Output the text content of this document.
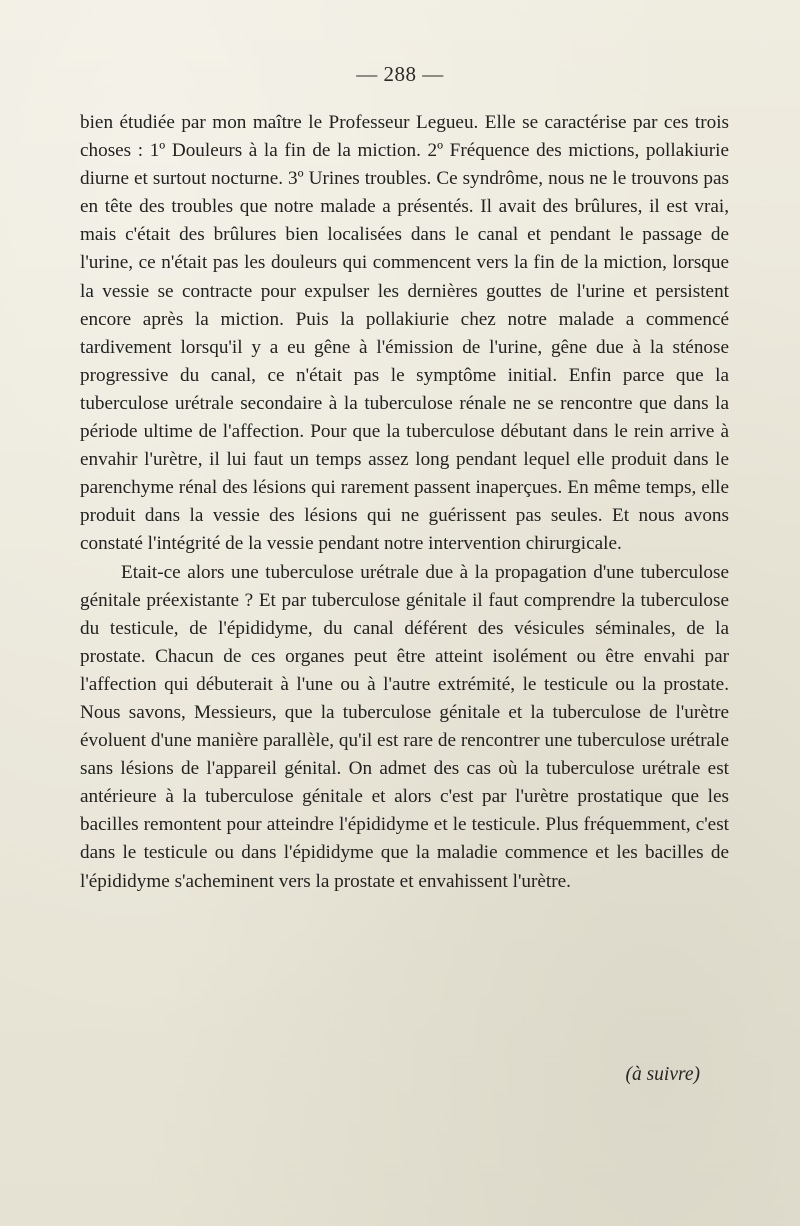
— 288 —

bien étudiée par mon maître le Professeur Legueu. Elle se caractérise par ces trois choses : 1º Douleurs à la fin de la miction. 2º Fréquence des mictions, pollakiurie diurne et surtout nocturne. 3º Urines troubles. Ce syndrôme, nous ne le trouvons pas en tête des troubles que notre malade a présentés. Il avait des brûlures, il est vrai, mais c'était des brûlures bien localisées dans le canal et pendant le passage de l'urine, ce n'était pas les douleurs qui commencent vers la fin de la miction, lorsque la vessie se contracte pour expulser les dernières gouttes de l'urine et persistent encore après la miction. Puis la pollakiurie chez notre malade a commencé tardivement lorsqu'il y a eu gêne à l'émission de l'urine, gêne due à la sténose progressive du canal, ce n'était pas le symptôme initial. Enfin parce que la tuberculose urétrale secondaire à la tuberculose rénale ne se rencontre que dans la période ultime de l'affection. Pour que la tuberculose débutant dans le rein arrive à envahir l'urètre, il lui faut un temps assez long pendant lequel elle produit dans le parenchyme rénal des lésions qui rarement passent inaperçues. En même temps, elle produit dans la vessie des lésions qui ne guérissent pas seules. Et nous avons constaté l'intégrité de la vessie pendant notre intervention chirurgicale.

Etait-ce alors une tuberculose urétrale due à la propagation d'une tuberculose génitale préexistante ? Et par tuberculose génitale il faut comprendre la tuberculose du testicule, de l'épididyme, du canal déférent des vésicules séminales, de la prostate. Chacun de ces organes peut être atteint isolément ou être envahi par l'affection qui débuterait à l'une ou à l'autre extrémité, le testicule ou la prostate. Nous savons, Messieurs, que la tuberculose génitale et la tuberculose de l'urètre évoluent d'une manière parallèle, qu'il est rare de rencontrer une tuberculose urétrale sans lésions de l'appareil génital. On admet des cas où la tuberculose urétrale est antérieure à la tuberculose génitale et alors c'est par l'urètre prostatique que les bacilles remontent pour atteindre l'épididyme et le testicule. Plus fréquemment, c'est dans le testicule ou dans l'épididyme que la maladie commence et les bacilles de l'épididyme s'acheminent vers la prostate et envahissent l'urètre.

(à suivre)
